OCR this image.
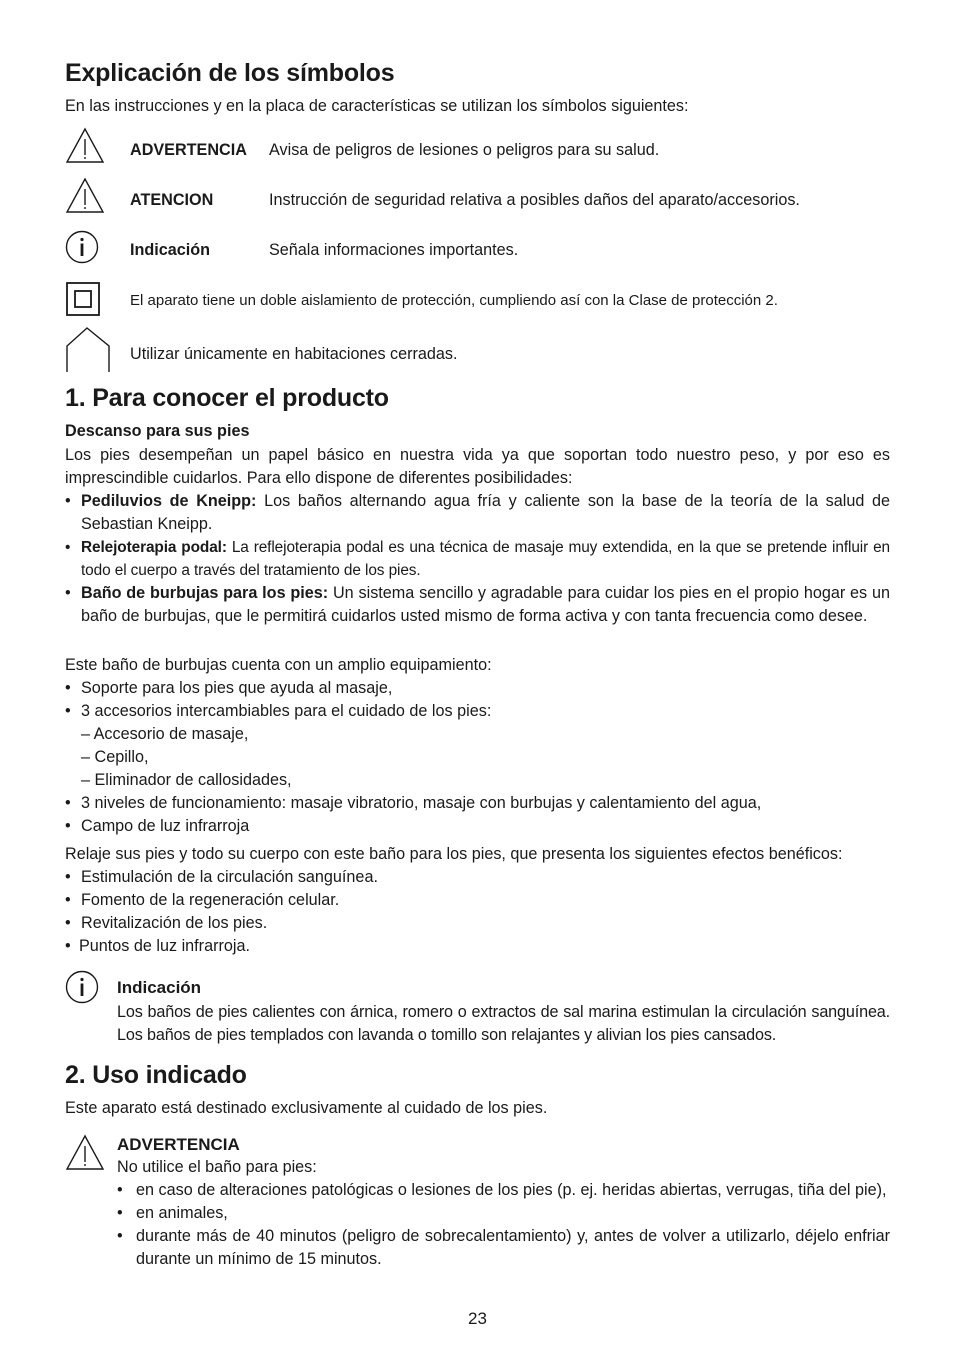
Explicación de los símbolos

En las instrucciones y en la placa de características se utilizan los símbolos siguientes:

ADVERTENCIA Avisa de peligros de lesiones o peligros para su salud.
ATENCION	Instrucción de seguridad relativa a posibles daños del aparato/accesorios.
Indicación	Señala informaciones importantes.
El aparato tiene un doble aislamiento de protección, cumpliendo así con la Clase de protección 2.
Utilizar únicamente en habitaciones cerradas.
1. Para conocer el producto

Descanso para sus pies

Los pies desempeñan un papel básico en nuestra vida ya que soportan todo nuestro peso, y por eso es imprescindible cuidarlos. Para ello dispone de diferentes posibilidades:

• Pediluvios de Kneipp: Los baños alternando agua fría y caliente son la base de la teoría de la salud de Sebastian Kneipp.
• Relejoterapia podal: La reflejoterapia podal es una técnica de masaje muy extendida, en la que se pretende influir en todo el cuerpo a través del tratamiento de los pies.
• Baño de burbujas para los pies: Un sistema sencillo y agradable para cuidar los pies en el propio hogar es un baño de burbujas, que le permitirá cuidarlos usted mismo de forma activa y con tanta frecuencia como desee.

Este baño de burbujas cuenta con un amplio equipamiento:

• Soporte para los pies que ayuda al masaje,
• 3 accesorios intercambiables para el cuidado de los pies:
– Accesorio de masaje,
– Cepillo,
– Eliminador de callosidades,
• 3 niveles de funcionamiento: masaje vibratorio, masaje con burbujas y calentamiento del agua,
• Campo de luz infrarroja

Relaje sus pies y todo su cuerpo con este baño para los pies, que presenta los siguientes efectos benéficos:

• Estimulación de la circulación sanguínea.
• Fomento de la regeneración celular.
• Revitalización de los pies.
• Puntos de luz infrarroja.

Indicación

Los baños de pies calientes con árnica, romero o extractos de sal marina estimulan la circulación sanguínea. Los baños de pies templados con lavanda o tomillo son relajantes y alivian los pies cansados.

2. Uso indicado

Este aparato está destinado exclusivamente al cuidado de los pies.

ADVERTENCIA

No utilice el baño para pies:

• en caso de alteraciones patológicas o lesiones de los pies (p. ej. heridas abiertas, verrugas, tiña del pie),
• en animales,
• durante más de 40 minutos (peligro de sobrecalentamiento) y, antes de volver a utilizarlo, déjelo enfriar durante un mínimo de 15 minutos.
23
